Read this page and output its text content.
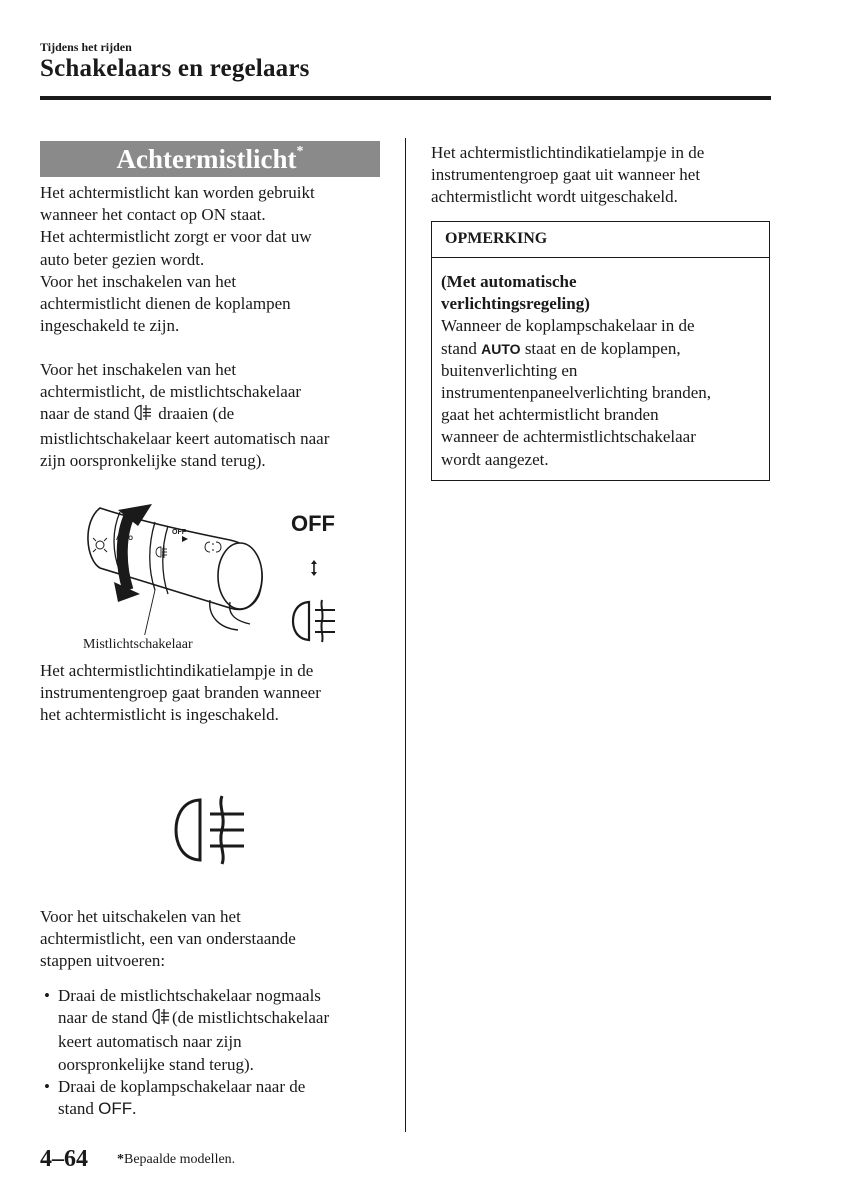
Tijdens het rijden
Schakelaars en regelaars
Achtermistlicht*
Het achtermistlicht kan worden gebruikt
wanneer het contact op ON staat.
Het achtermistlicht zorgt er voor dat uw
auto beter gezien wordt.
Voor het inschakelen van het
achtermistlicht dienen de koplampen
ingeschakeld te zijn.
Voor het inschakelen van het
achtermistlicht, de mistlichtschakelaar
naar de stand draaien (de
mistlichtschakelaar keert automatisch naar
zijn oorspronkelijke stand terug).
OFF
AUTO
Mistlichtschakelaar
OFF
Het achtermistlichtindikatielampje in de
instrumentengroep gaat branden wanneer
het achtermistlicht is ingeschakeld.
Voor het uitschakelen van het
achtermistlicht, een van onderstaande
stappen uitvoeren:
• Draai de mistlichtschakelaar nogmaals
naar de stand (de mistlichtschakelaar
keert automatisch naar zijn
oorspronkelijke stand terug).
• Draai de koplampschakelaar naar de
stand OFF.
Het achtermistlichtindikatielampje in de
instrumentengroep gaat uit wanneer het
achtermistlicht wordt uitgeschakeld.
OPMERKING
(Met automatische
verlichtingsregeling)
Wanneer de koplampschakelaar in de
stand AUTO staat en de koplampen,
buitenverlichting en
instrumentenpaneelverlichting branden,
gaat het achtermistlicht branden
wanneer de achtermistlichtschakelaar
wordt aangezet.
4–64 *Bepaalde modellen.
